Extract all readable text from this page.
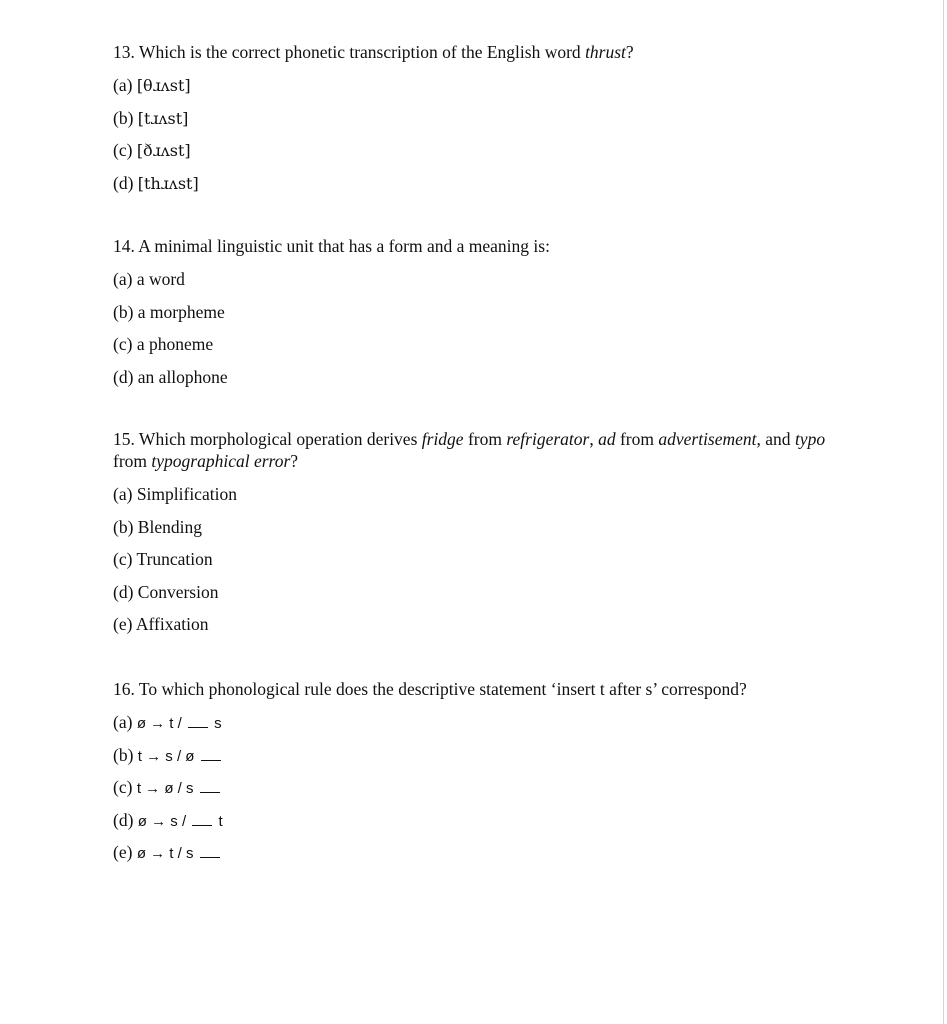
13. Which is the correct phonetic transcription of the English word thrust?

(a) [θɹʌst]
(b) [tɹʌst]
(c) [ðɹʌst]
(d) [thɹʌst]

14. A minimal linguistic unit that has a form and a meaning is:

(a) a word
(b) a morpheme
(c) a phoneme
(d) an allophone

15. Which morphological operation derives fridge from refrigerator, ad from advertisement, and typo from typographical error?

(a) Simplification
(b) Blending
(c) Truncation
(d) Conversion
(e) Affixation

16. To which phonological rule does the descriptive statement ‘insert t after s’ correspond?

(a) ø → t /  s
(b) t → s / ø
(c) t → ø / s
(d) ø → s /  t
(e) ø → t / s
